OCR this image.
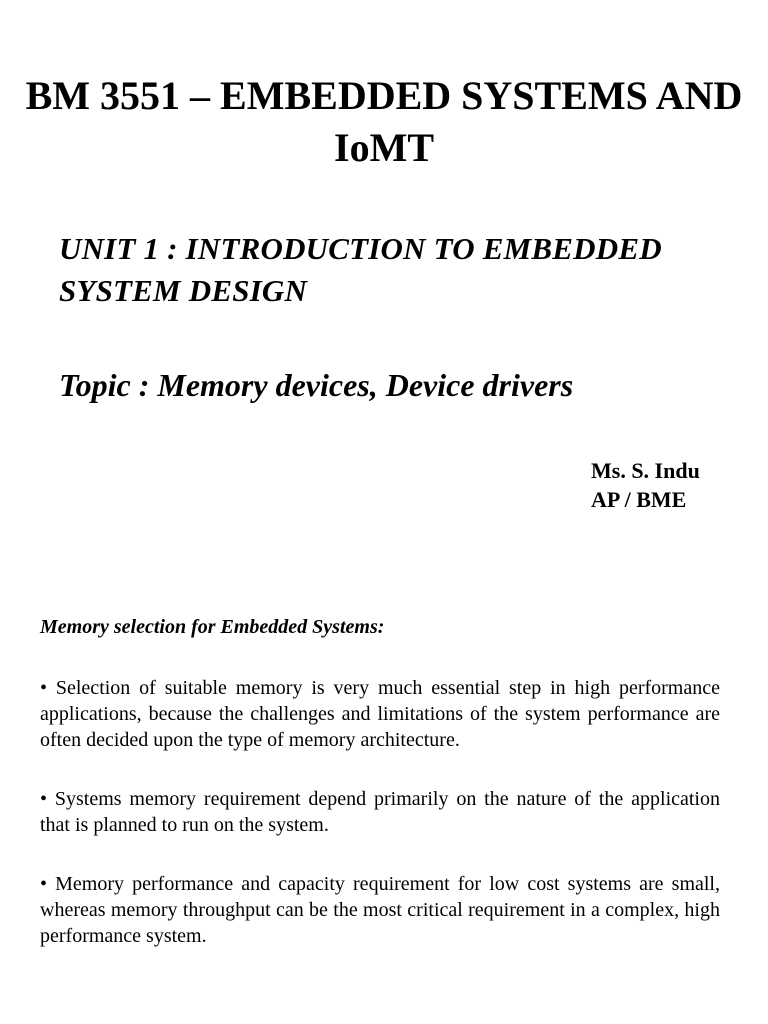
BM 3551 – EMBEDDED SYSTEMS AND IoMT
UNIT 1 : INTRODUCTION TO EMBEDDED SYSTEM DESIGN
Topic : Memory devices, Device drivers
Ms. S. Indu
AP / BME

Memory selection for Embedded Systems:

• Selection of suitable memory is very much essential step in high performance applications, because the challenges and limitations of the system performance are often decided upon the type of memory architecture.

• Systems memory requirement depend primarily on the nature of the application that is planned to run on the system.

• Memory performance and capacity requirement for low cost systems are small, whereas memory throughput can be the most critical requirement in a complex, high performance system.
